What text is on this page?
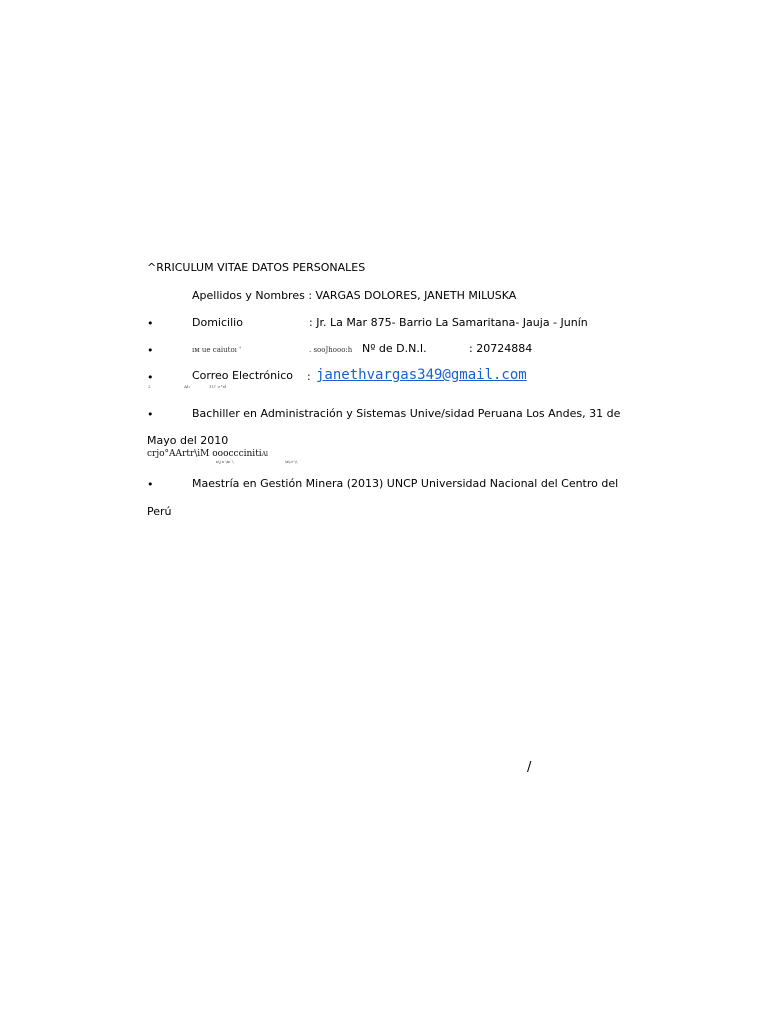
^RRICULUM VITAE DATOS PERSONALES
Apellidos y Nombres : VARGAS DOLORES, JANETH MILUSKA
•	Domicilio	: Jr. La Mar 875- Barrio La Samaritana- Jauja - Junín
•	ıм ue caiutoı '	. sooJhooo:h Nº de D.N.I.	: 20724884
•	Correo Electrónico : janethvargas349@gmail.com
2	Аl»	1U' >°el
•	Bachiller en Administración y Sistemas Unive/sidad Peruana Los Andes, 31 de
Mayo del 2010
crjo°AArtr\iM ooocccinitiAl
ь\j ь \iь`\	\в\>-\\
•	Maestría en Gestión Minera (2013) UNCP Universidad Nacional del Centro del
Perú
/
